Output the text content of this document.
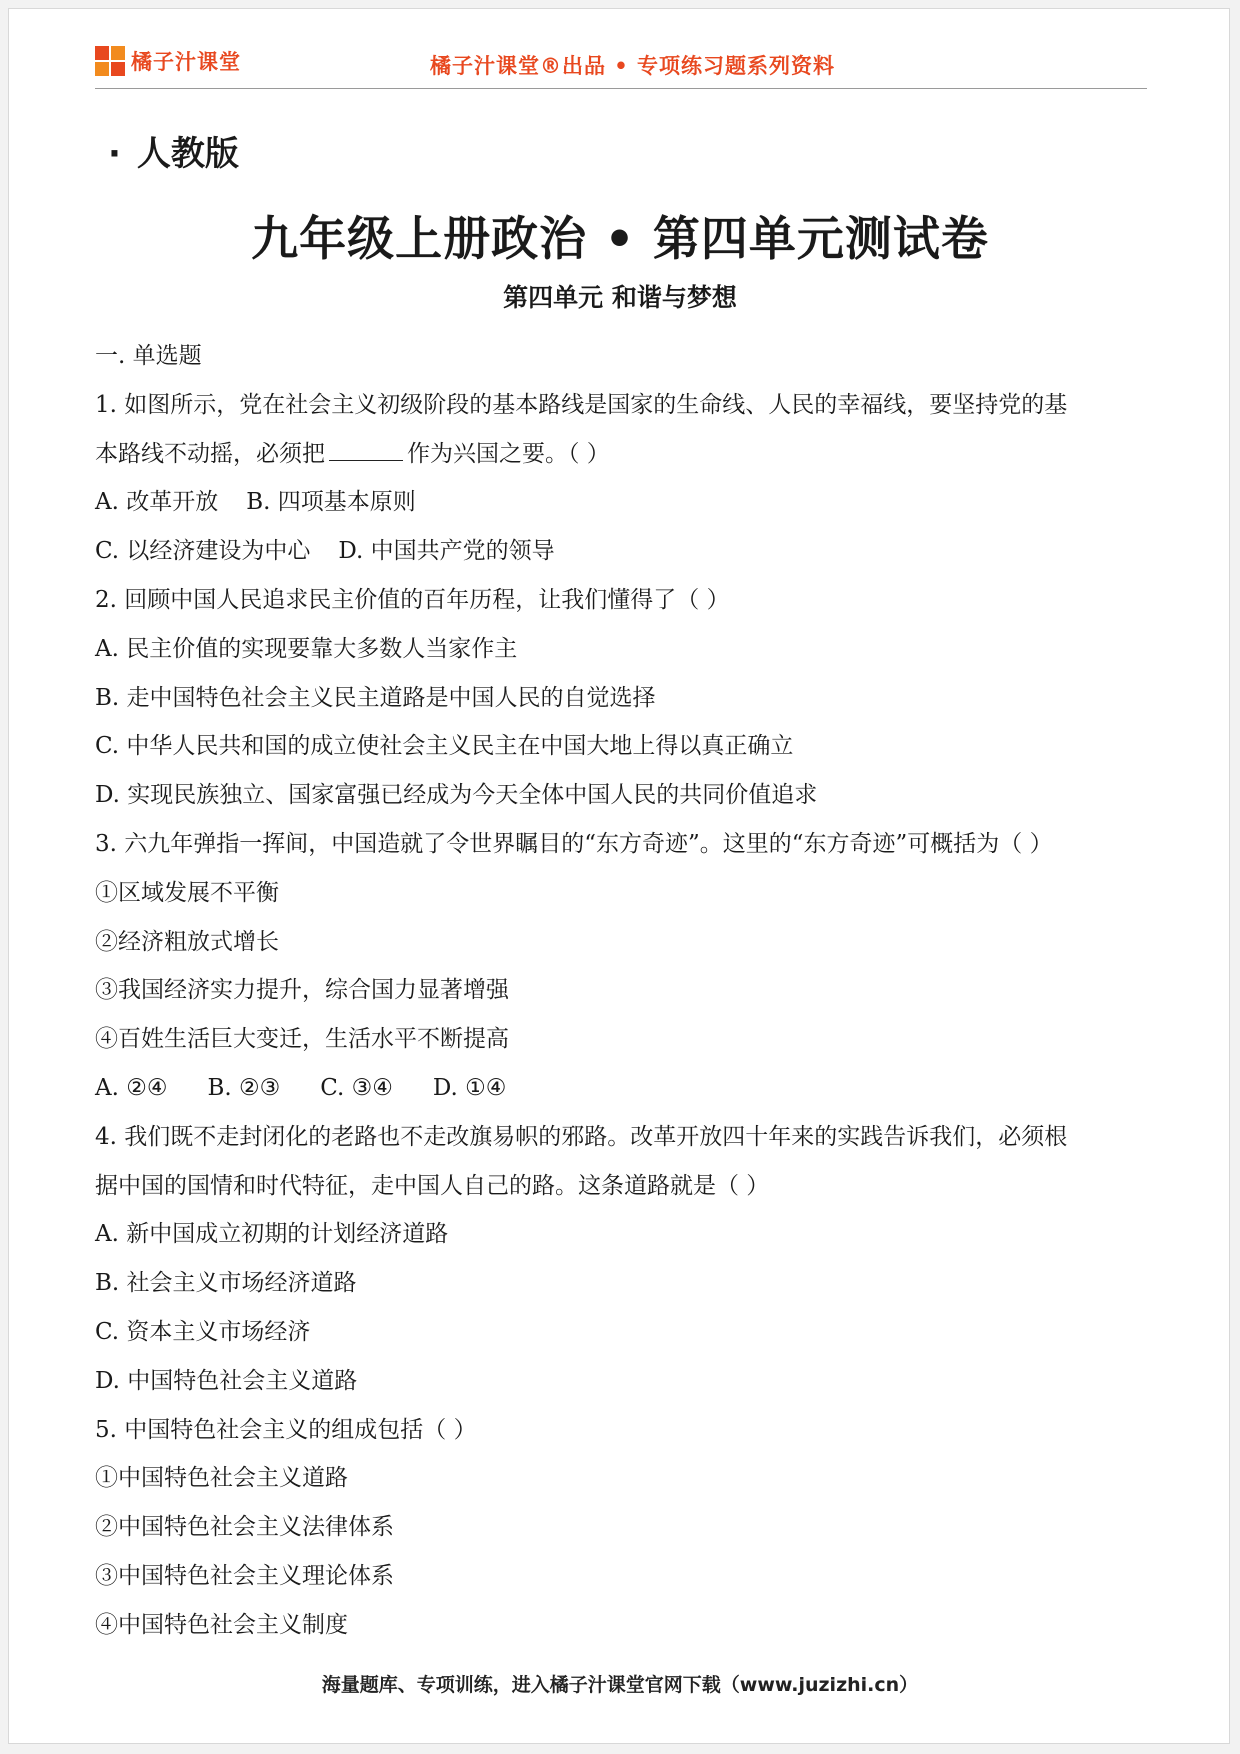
橘子汁课堂	橘子汁课堂®出品 • 专项练习题系列资料
· 人教版
九年级上册政治 • 第四单元测试卷
第四单元 和谐与梦想
一. 单选题
1. 如图所示，党在社会主义初级阶段的基本路线是国家的生命线、人民的幸福线，要坚持党的基
本路线不动摇，必须把	作为兴国之要。（ ）
A. 改革开放 B. 四项基本原则
C. 以经济建设为中心 D. 中国共产党的领导
2. 回顾中国人民追求民主价值的百年历程，让我们懂得了（ ）
A. 民主价值的实现要靠大多数人当家作主
B. 走中国特色社会主义民主道路是中国人民的自觉选择
C. 中华人民共和国的成立使社会主义民主在中国大地上得以真正确立
D. 实现民族独立、国家富强已经成为今天全体中国人民的共同价值追求
3. 六九年弹指一挥间，中国造就了令世界瞩目的“东方奇迹”。这里的“东方奇迹”可概括为（ ）
①区域发展不平衡
②经济粗放式增长
③我国经济实力提升，综合国力显著增强
④百姓生活巨大变迁，生活水平不断提高
A. ②④ B. ②③ C. ③④ D. ①④
4. 我们既不走封闭化的老路也不走改旗易帜的邪路。改革开放四十年来的实践告诉我们，必须根
据中国的国情和时代特征，走中国人自己的路。这条道路就是（ ）
A. 新中国成立初期的计划经济道路
B. 社会主义市场经济道路
C. 资本主义市场经济
D. 中国特色社会主义道路
5. 中国特色社会主义的组成包括（ ）
①中国特色社会主义道路
②中国特色社会主义法律体系
③中国特色社会主义理论体系
④中国特色社会主义制度
海量题库、专项训练，进入橘子汁课堂官网下载（www.juzizhi.cn）
